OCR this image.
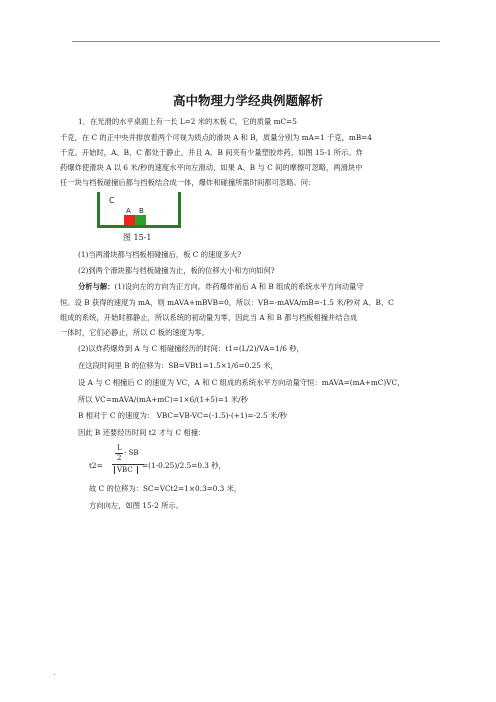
高中物理力学经典例题解析
1．在光滑的水平桌面上有一长 L=2 米的木板 C，它的质量 mC=5
千克，在 C 的正中央并排放着两个可视为质点的滑块 A 和 B，质量分别为 mA=1 千克，mB=4
千克。开始时，A、B、C 都处于静止，并且 A、B 间夹有少量塑胶炸药，如图 15-1 所示。炸
药爆炸使滑块 A 以 6 米/秒的速度水平向左滑动，如果 A、B 与 C 间的摩擦可忽略，两滑块中
任一块与档板碰撞后都与挡板结合成一体，爆炸和碰撞所需时间都可忽略。问：
C
A B
图 15-1
(1)当两滑块都与档板相碰撞后，板 C 的速度多大?
(2)到两个滑块都与档板碰撞为止，板的位移大小和方向如何?
分析与解：(1)设向左的方向为正方向。炸药爆炸前后 A 和 B 组成的系统水平方向动量守
恒。设 B 获得的速度为 mA，则 mAVA+mBVB=0，所以：VB=-mAVA/mB=-1.5 米/秒对 A、B、C
组成的系统，开始时都静止，所以系统的初动量为零，因此当 A 和 B 都与档板相撞并结合成
一体时，它们必静止，所以 C 板的速度为零。
(2)以炸药爆炸到 A 与 C 相碰撞经历的时间：t1=(L/2)/VA=1/6 秒，
在这段时间里 B 的位移为：SB=VBt1=1.5×1/6=0.25 米，
设 A 与 C 相撞后 C 的速度为 VC，A 和 C 组成的系统水平方向动量守恒：mAVA=(mA+mC)VC，
所以 VC=mAVA/(mA+mC)=1×6/(1+5)=1 米/秒
B 相对于 C 的速度为： VBC=VB-VC=(-1.5)-(+1)=-2.5 米/秒
因此 B 还要经历时间 t2 才与 C 相撞：
L
2
- SB
t2= VBC =(1-0.25)/2.5=0.3 秒，
故 C 的位移为：SC=VCt2=1×0.3=0.3 米，
方向向左，如图 15-2 所示。
.
